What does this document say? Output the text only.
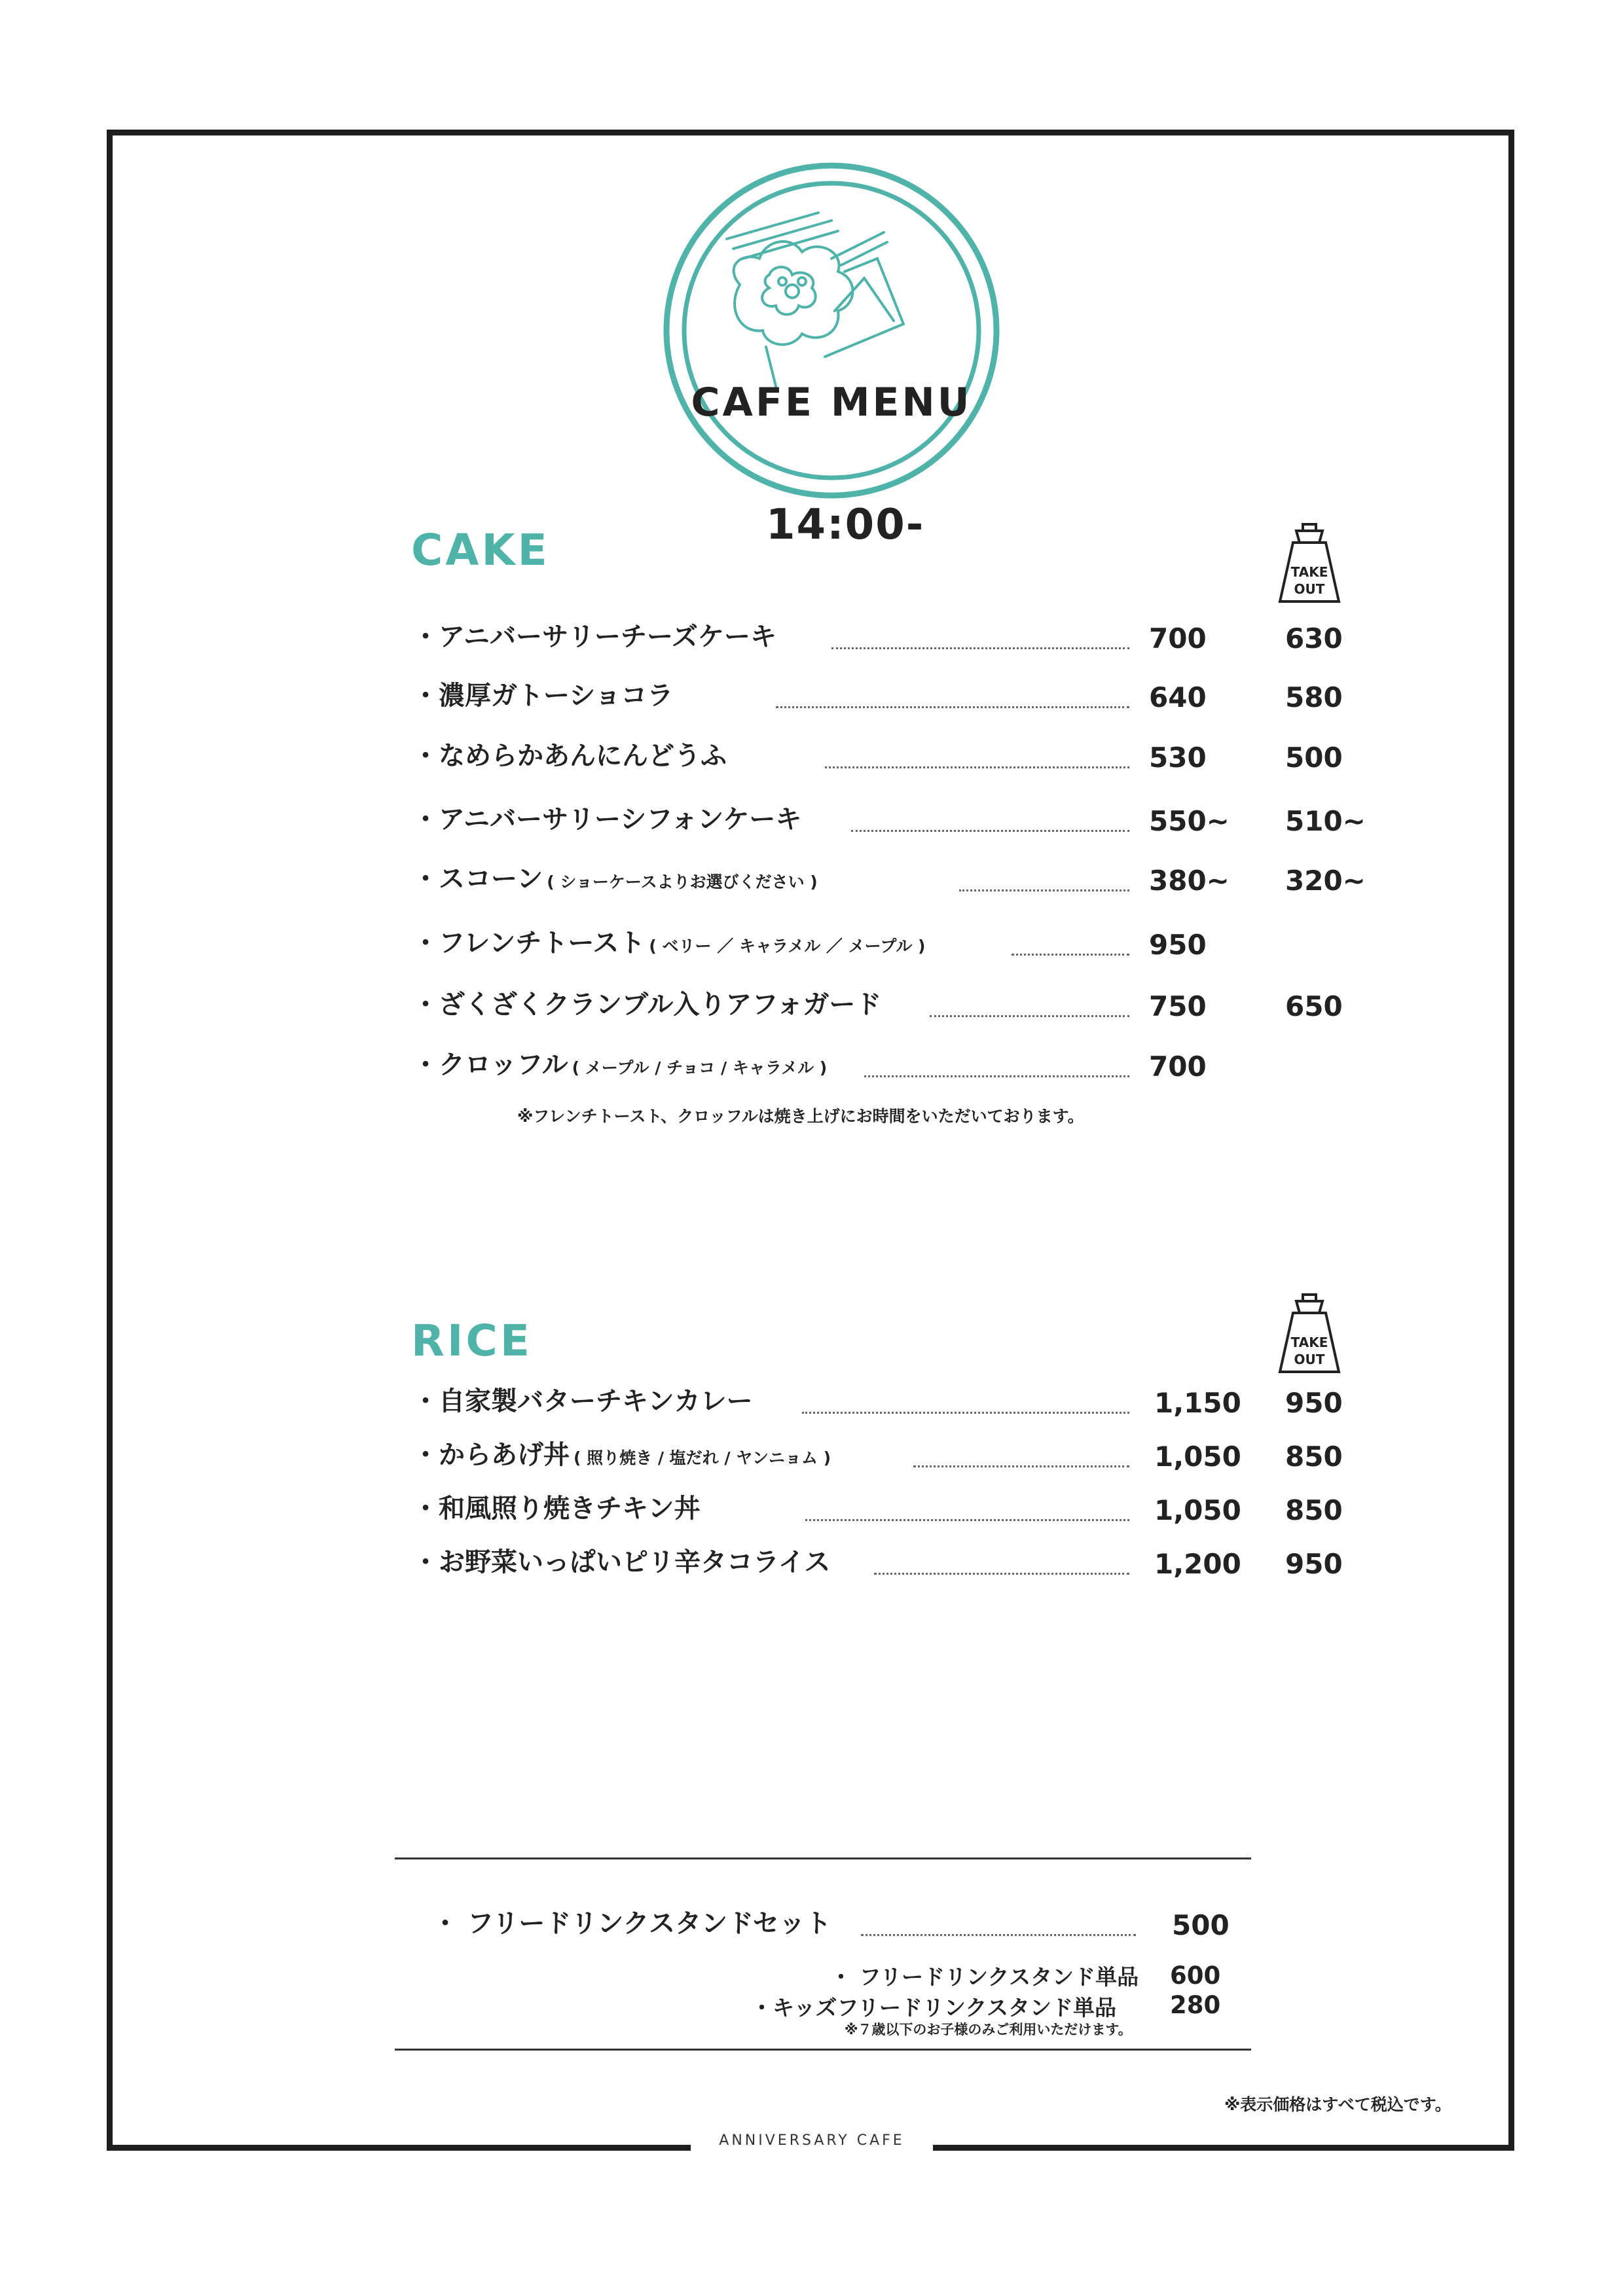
ANNIVERSARY CAFE
CAFE MENU
14:00-
CAKE	TAKE
OUT
・アニバーサリーチーズケーキ	700	630
・濃厚ガトーショコラ	640	580
・なめらかあんにんどうふ	530	500
・アニバーサリーシフォンケーキ	550~ 510~
・スコーン ( ショーケースよりお選びください )	380~ 320~
・フレンチトースト ( ベリー ／ キャラメル ／ メープル )	950
・ざくざくクランブル入りアフォガード	750	650
・クロッフル ( メープル / チョコ / キャラメル )	700
※フレンチトースト、クロッフルは焼き上げにお時間をいただいております。
RICE	TAKE
OUT
・自家製バターチキンカレー	1,150 950
・からあげ丼 ( 照り焼き / 塩だれ / ヤンニョム )	1,050 850
・和風照り焼きチキン丼	1,050 850
・お野菜いっぱいピリ辛タコライス	1,200 950
・ フリードリンクスタンドセット	500
・ フリードリンクスタンド単品 600
・キッズフリードリンクスタンド単品 280
※７歳以下のお子様のみご利用いただけます。
※表示価格はすべて税込です。
